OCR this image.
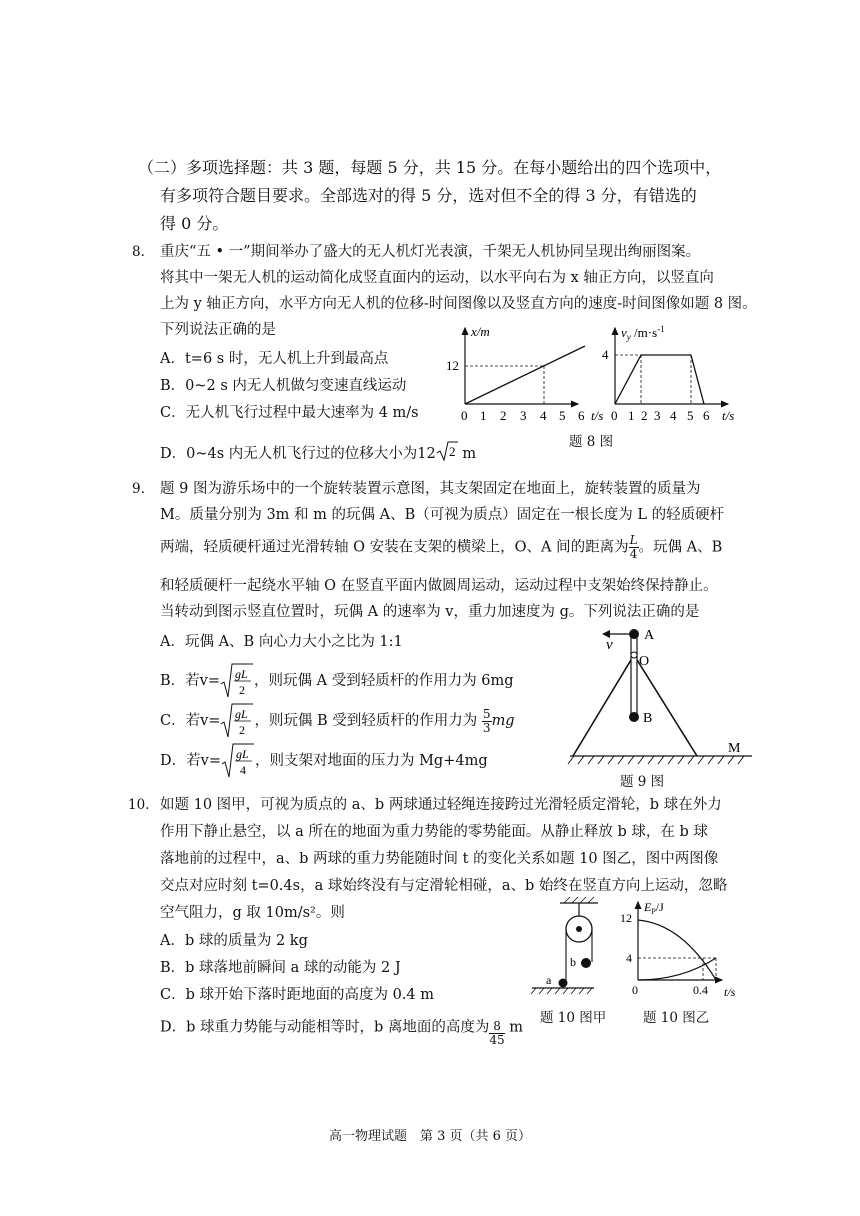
（二）多项选择题：共 3 题，每题 5 分，共 15 分。在每小题给出的四个选项中，
有多项符合题目要求。全部选对的得 5 分，选对但不全的得 3 分，有错选的
得 0 分。
8. 重庆“五 • 一”期间举办了盛大的无人机灯光表演，千架无人机协同呈现出绚丽图案。
将其中一架无人机的运动简化成竖直面内的运动，以水平向右为 x 轴正方向，以竖直向
上为 y 轴正方向，水平方向无人机的位移-时间图像以及竖直方向的速度-时间图像如题 8 图。
下列说法正确的是
A．t=6 s 时，无人机上升到最高点
B．0~2 s 内无人机做匀变速直线运动
C．无人机飞行过程中最大速率为 4 m/s
D．0~4s 内无人机飞行过的位移大小为12 2 m
x/m
12
0 1 2 3 4 5 6 t/s
$v_y$ $/m\cdot s^{-1}$
4
0 1 2 3 4 5 6 t/s
题 8 图
9. 题 9 图为游乐场中的一个旋转装置示意图，其支架固定在地面上，旋转装置的质量为
M。质量分别为 3m 和 m 的玩偶 A、B（可视为质点）固定在一根长度为 L 的轻质硬杆
两端，轻质硬杆通过光滑转轴 O 安装在支架的横梁上，O、A 间的距离为 $\frac{L}{4}$ 。玩偶 A、B
和轻质硬杆一起绕水平轴 O 在竖直平面内做圆周运动，运动过程中支架始终保持静止。
当转动到图示竖直位置时，玩偶 A 的速率为 v，重力加速度为 g。下列说法正确的是
A．玩偶 A、B 向心力大小之比为 1:1
B．若v= gL
2
，则玩偶 A 受到轻质杆的作用力为 6mg
C．若v= gL
2
，则玩偶 B 受到轻质杆的作用力为 $\frac{5}{3}$ mg
D．若v= gL
4
，则支架对地面的压力为 Mg+4mg
A
O
B
M
v
题 9 图
10. 如题 10 图甲，可视为质点的 a、b 两球通过轻绳连接跨过光滑轻质定滑轮，b 球在外力
作用下静止悬空，以 a 所在的地面为重力势能的零势能面。从静止释放 b 球，在 b 球
落地前的过程中，a、b 两球的重力势能随时间 t 的变化关系如题 10 图乙，图中两图像
交点对应时刻 t=0.4s，a 球始终没有与定滑轮相碰，a、b 始终在竖直方向上运动，忽略
空气阻力，g 取 10m/s²。则
A．b 球的质量为 2 kg
B．b 球落地前瞬间 a 球的动能为 2 J
C．b 球开始下落时距地面的高度为 0.4 m
D．b 球重力势能与动能相等时，b 离地面的高度为 $\frac{8}{45}$ m
b
a
$E_P/J$
12
4
0	0.4 t/s
题 10 图甲	题 10 图乙
高一物理试题　第 3 页（共 6 页）
